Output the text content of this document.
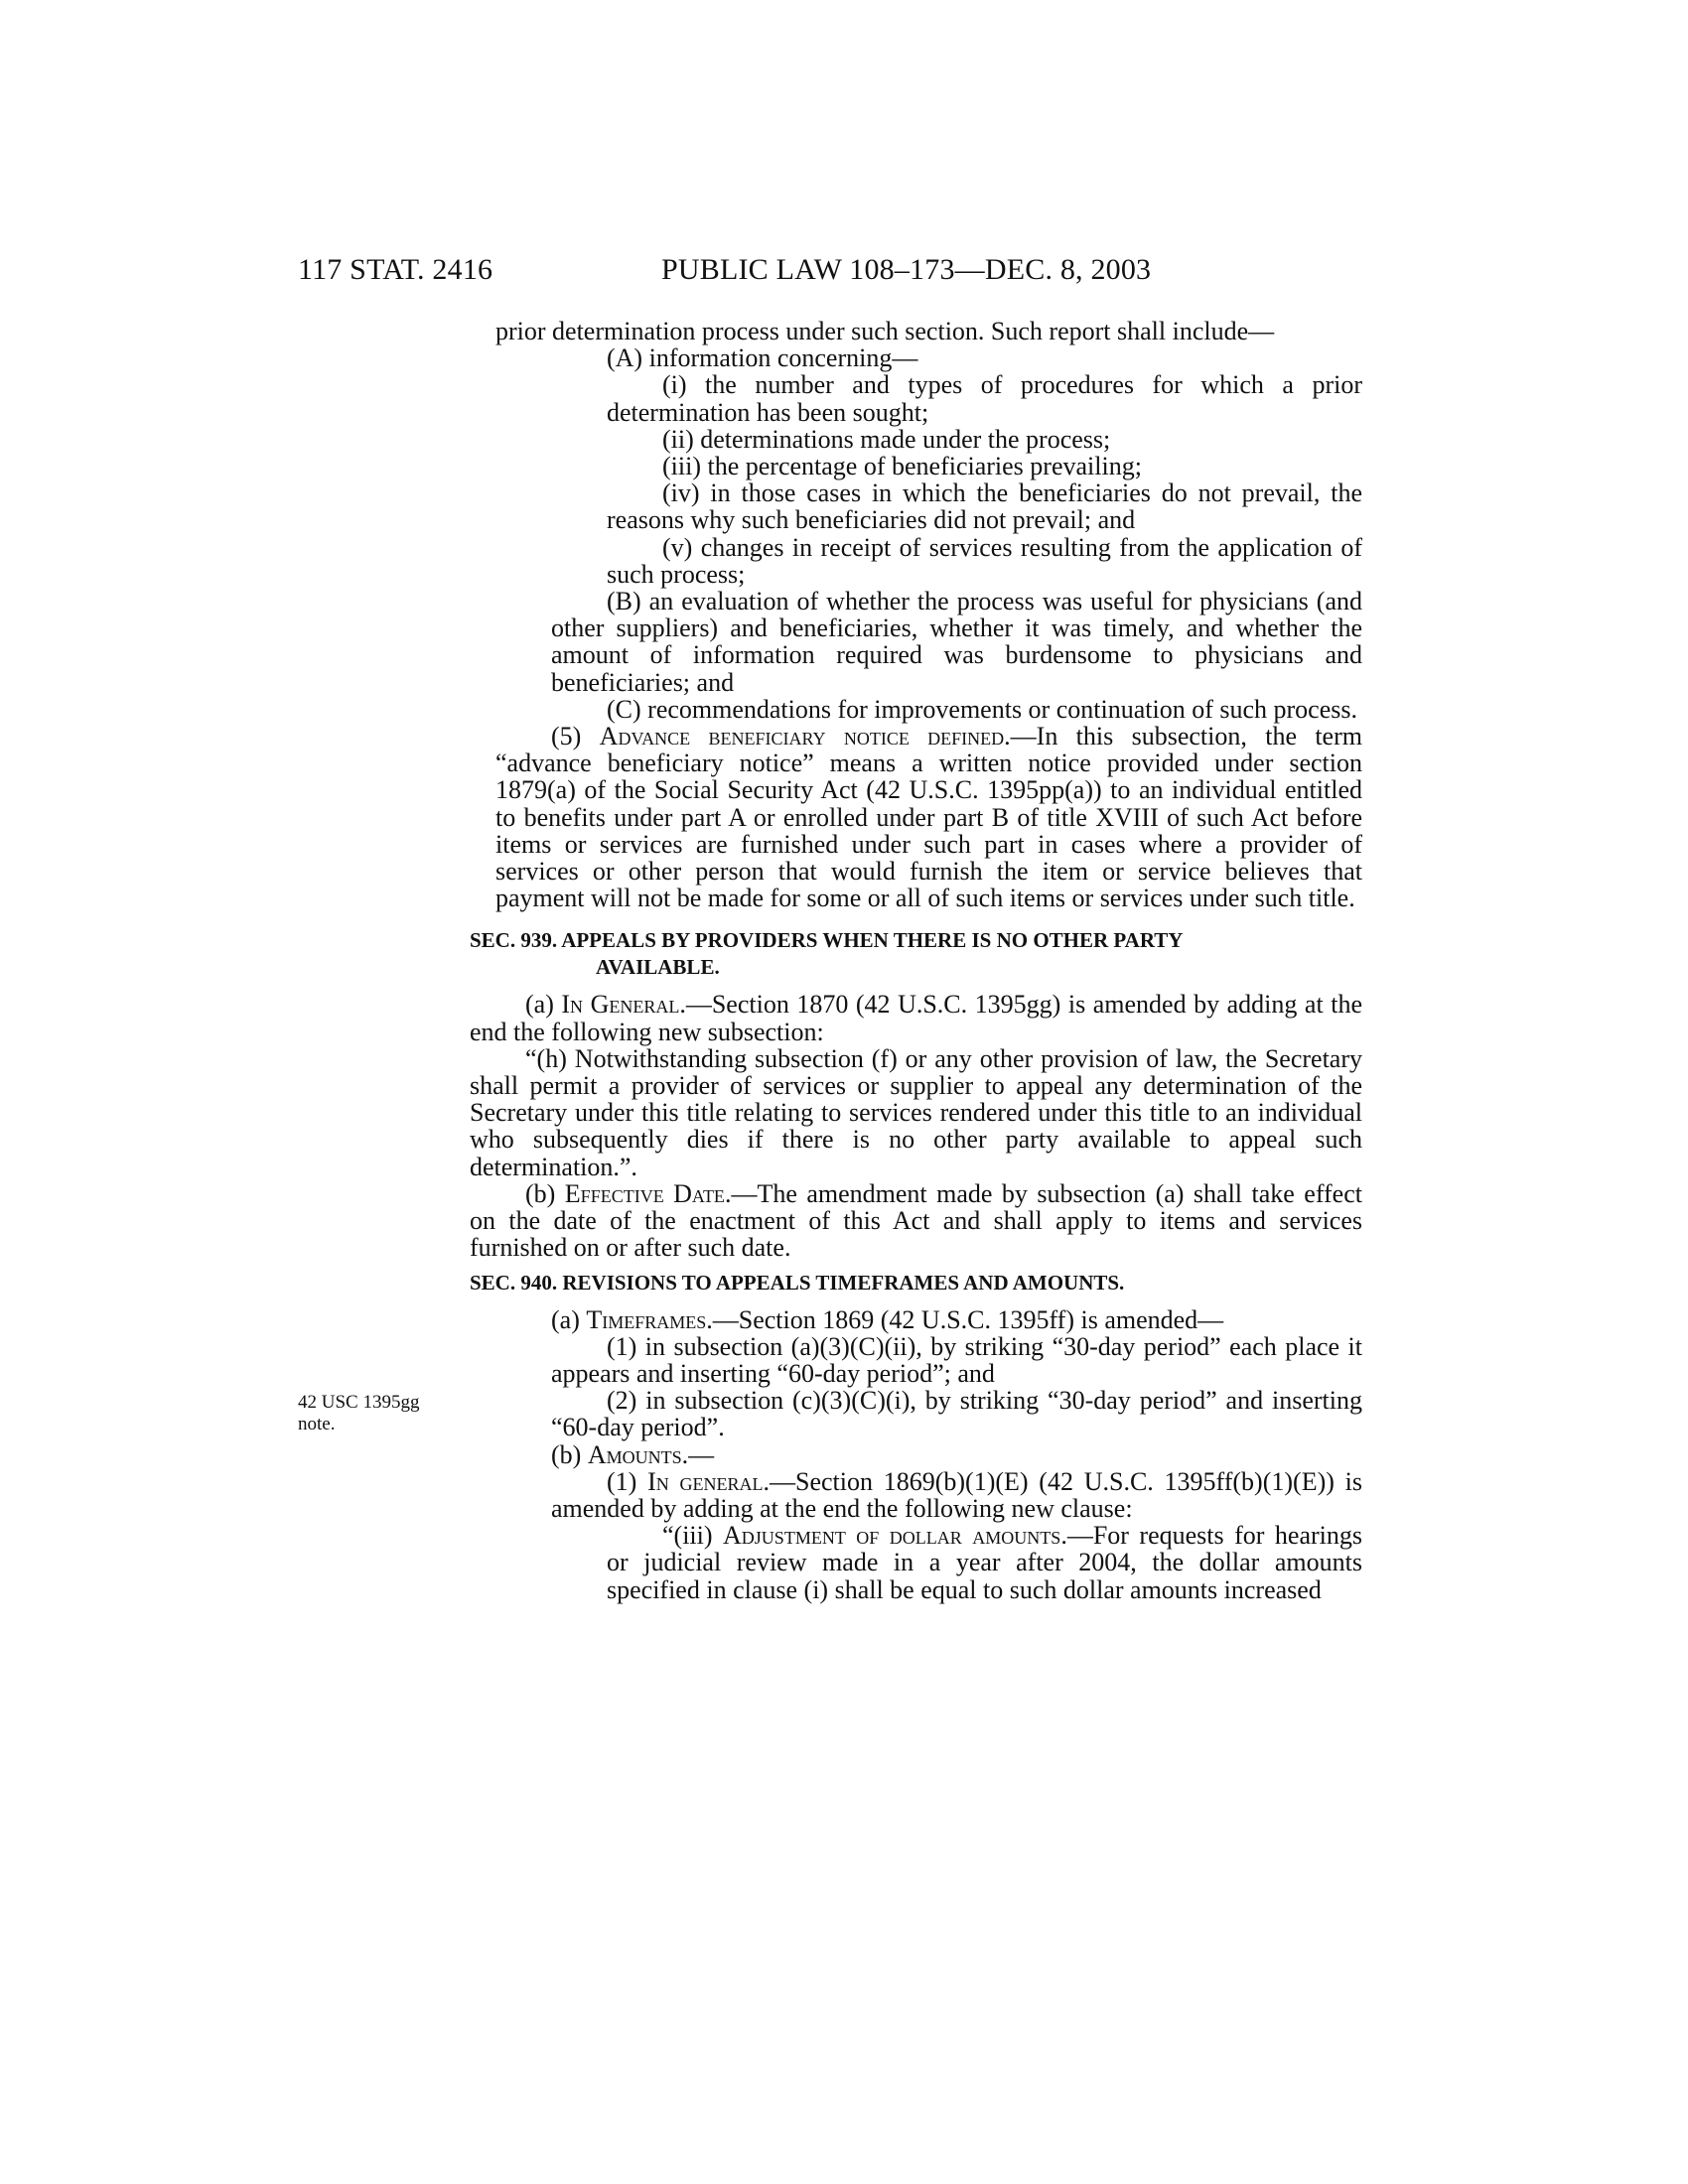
117 STAT. 2416	PUBLIC LAW 108–173—DEC. 8, 2003
42 USC 1395gg
note.

prior determination process under such section. Such report shall include—

(A) information concerning—

(i) the number and types of procedures for which a prior determination has been sought;

(ii) determinations made under the process;

(iii) the percentage of beneficiaries prevailing;

(iv) in those cases in which the beneficiaries do not prevail, the reasons why such beneficiaries did not prevail; and

(v) changes in receipt of services resulting from the application of such process;

(B) an evaluation of whether the process was useful for physicians (and other suppliers) and beneficiaries, whether it was timely, and whether the amount of information required was burdensome to physicians and beneficiaries; and

(C) recommendations for improvements or continuation of such process.

(5) Advance beneficiary notice defined.—In this subsection, the term “advance beneficiary notice” means a written notice provided under section 1879(a) of the Social Security Act (42 U.S.C. 1395pp(a)) to an individual entitled to benefits under part A or enrolled under part B of title XVIII of such Act before items or services are furnished under such part in cases where a provider of services or other person that would furnish the item or service believes that payment will not be made for some or all of such items or services under such title.

SEC. 939. APPEALS BY PROVIDERS WHEN THERE IS NO OTHER PARTY
AVAILABLE.

(a) In General.—Section 1870 (42 U.S.C. 1395gg) is amended by adding at the end the following new subsection:

“(h) Notwithstanding subsection (f) or any other provision of law, the Secretary shall permit a provider of services or supplier to appeal any determination of the Secretary under this title relating to services rendered under this title to an individual who subsequently dies if there is no other party available to appeal such determination.”.

(b) Effective Date.—The amendment made by subsection (a) shall take effect on the date of the enactment of this Act and shall apply to items and services furnished on or after such date.

SEC. 940. REVISIONS TO APPEALS TIMEFRAMES AND AMOUNTS.

(a) Timeframes.—Section 1869 (42 U.S.C. 1395ff) is amended—

(1) in subsection (a)(3)(C)(ii), by striking “30-day period” each place it appears and inserting “60-day period”; and

(2) in subsection (c)(3)(C)(i), by striking “30-day period” and inserting “60-day period”.

(b) Amounts.—

(1) In general.—Section 1869(b)(1)(E) (42 U.S.C. 1395ff(b)(1)(E)) is amended by adding at the end the following new clause:

“(iii) Adjustment of dollar amounts.—For requests for hearings or judicial review made in a year after 2004, the dollar amounts specified in clause (i) shall be equal to such dollar amounts increased
